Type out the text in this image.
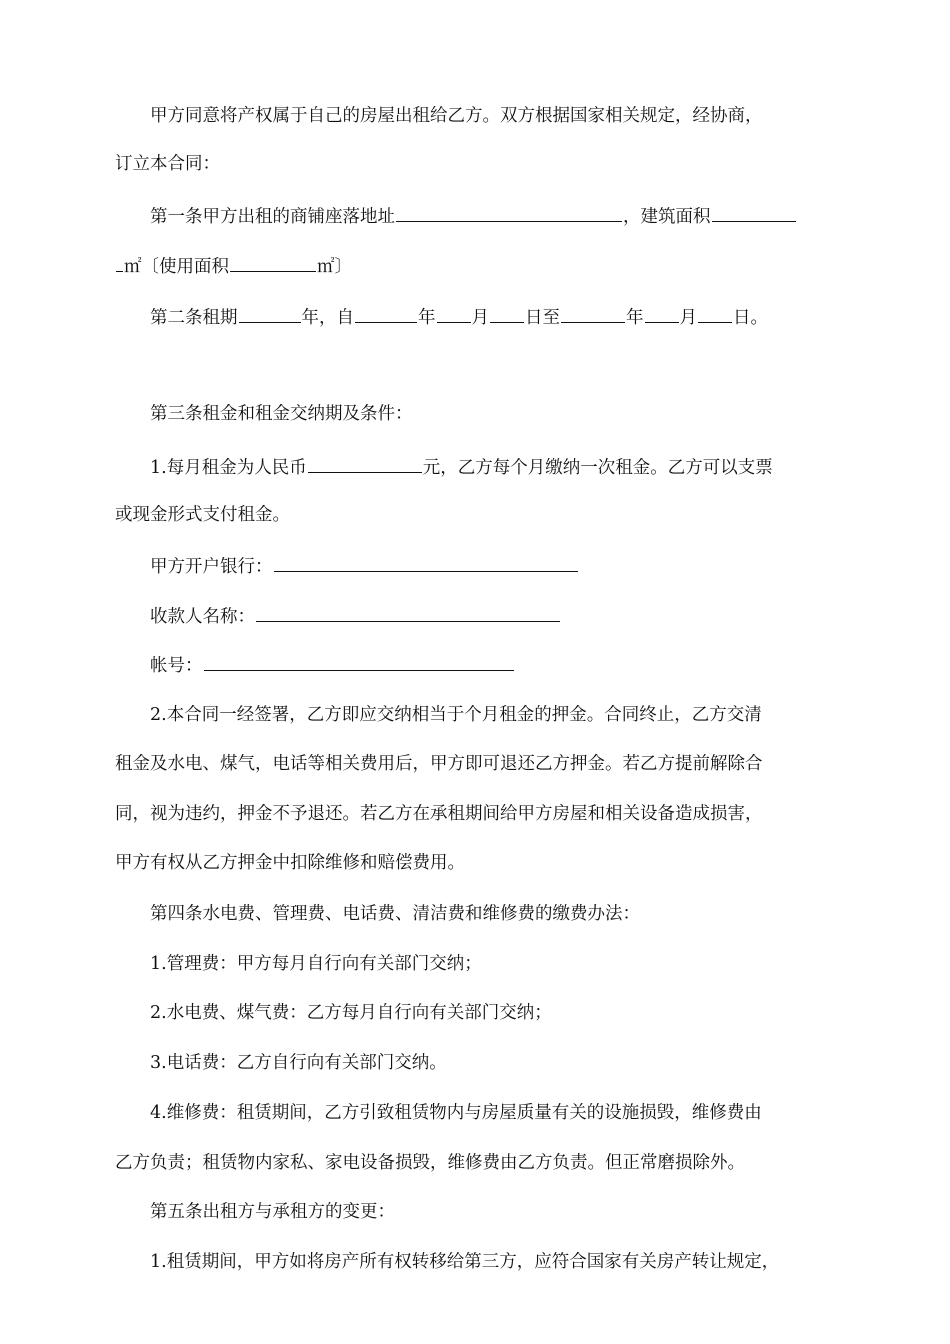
甲方同意将产权属于自己的房屋出租给乙方。双方根据国家相关规定，经协商，
订立本合同：
第一条甲方出租的商铺座落地址	，建筑面积
㎡〔使用面积	㎡〕
第二条租期	年，自	年 月 日至	年 月 日。
第三条租金和租金交纳期及条件：
1.每月租金为人民币	元，乙方每个月缴纳一次租金。乙方可以支票
或现金形式支付租金。
甲方开户银行：
收款人名称：
帐号：
2.本合同一经签署，乙方即应交纳相当于个月租金的押金。合同终止，乙方交清
租金及水电、煤气，电话等相关费用后，甲方即可退还乙方押金。若乙方提前解除合
同，视为违约，押金不予退还。若乙方在承租期间给甲方房屋和相关设备造成损害，
甲方有权从乙方押金中扣除维修和赔偿费用。
第四条水电费、管理费、电话费、清洁费和维修费的缴费办法：
1.管理费：甲方每月自行向有关部门交纳；
2.水电费、煤气费：乙方每月自行向有关部门交纳；
3.电话费：乙方自行向有关部门交纳。
4.维修费：租赁期间，乙方引致租赁物内与房屋质量有关的设施损毁，维修费由
乙方负责；租赁物内家私、家电设备损毁，维修费由乙方负责。但正常磨损除外。
第五条出租方与承租方的变更：
1.租赁期间，甲方如将房产所有权转移给第三方，应符合国家有关房产转让规定，
